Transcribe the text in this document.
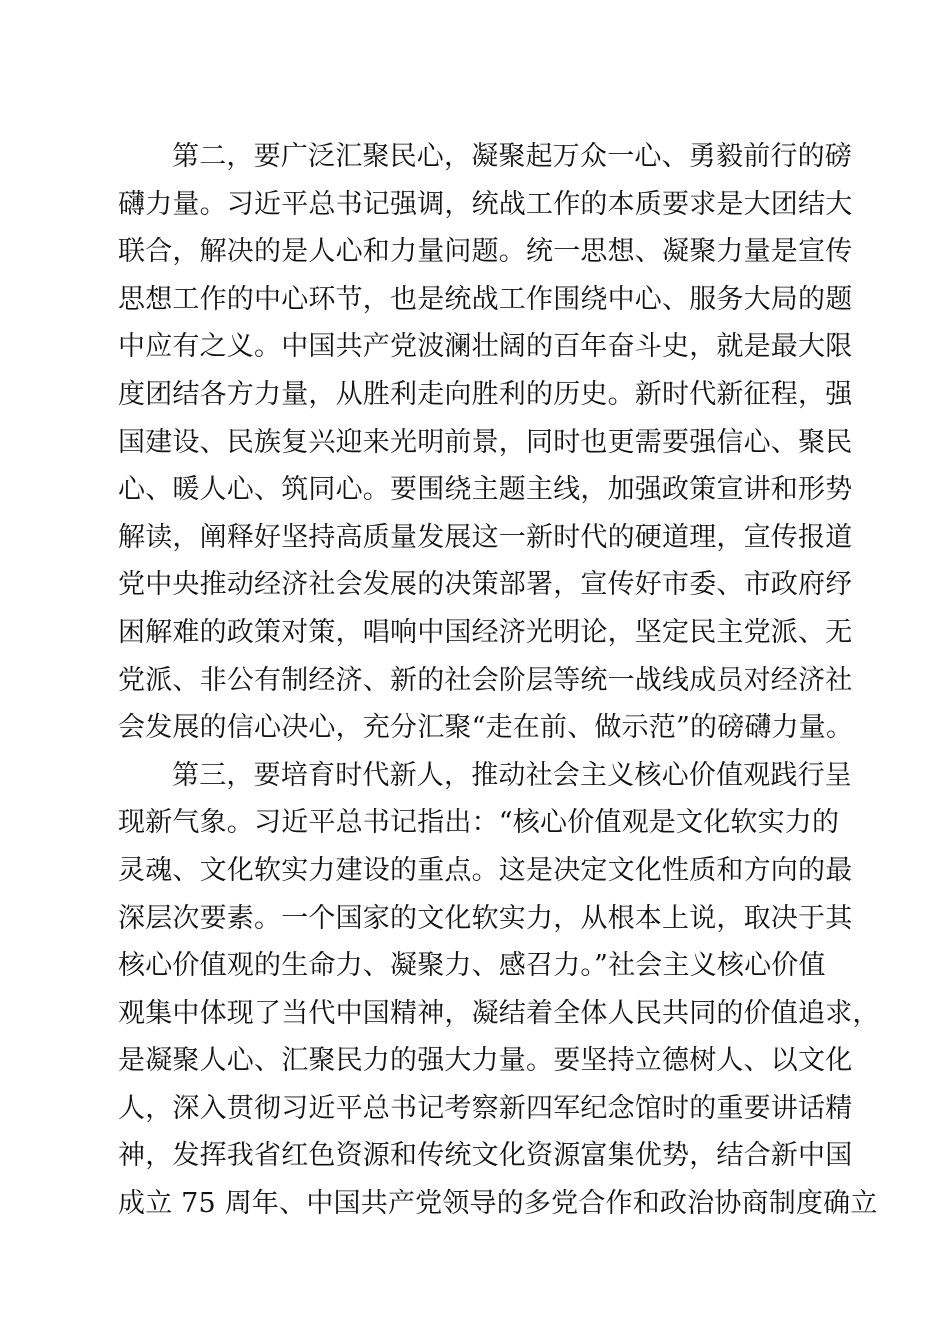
第二，要广泛汇聚民心，凝聚起万众一心、勇毅前行的磅
礴力量。习近平总书记强调，统战工作的本质要求是大团结大
联合，解决的是人心和力量问题。统一思想、凝聚力量是宣传
思想工作的中心环节，也是统战工作围绕中心、服务大局的题
中应有之义。中国共产党波澜壮阔的百年奋斗史，就是最大限
度团结各方力量，从胜利走向胜利的历史。新时代新征程，强
国建设、民族复兴迎来光明前景，同时也更需要强信心、聚民
心、暖人心、筑同心。要围绕主题主线，加强政策宣讲和形势
解读，阐释好坚持高质量发展这一新时代的硬道理，宣传报道
党中央推动经济社会发展的决策部署，宣传好市委、市政府纾
困解难的政策对策，唱响中国经济光明论，坚定民主党派、无
党派、非公有制经济、新的社会阶层等统一战线成员对经济社
会发展的信心决心，充分汇聚“走在前、做示范”的磅礴力量。
第三，要培育时代新人，推动社会主义核心价值观践行呈
现新气象。习近平总书记指出：“核心价值观是文化软实力的
灵魂、文化软实力建设的重点。这是决定文化性质和方向的最
深层次要素。一个国家的文化软实力，从根本上说，取决于其
核心价值观的生命力、凝聚力、感召力。”社会主义核心价值
观集中体现了当代中国精神，凝结着全体人民共同的价值追求，
是凝聚人心、汇聚民力的强大力量。要坚持立德树人、以文化
人，深入贯彻习近平总书记考察新四军纪念馆时的重要讲话精
神，发挥我省红色资源和传统文化资源富集优势，结合新中国
成立 75 周年、中国共产党领导的多党合作和政治协商制度确立
